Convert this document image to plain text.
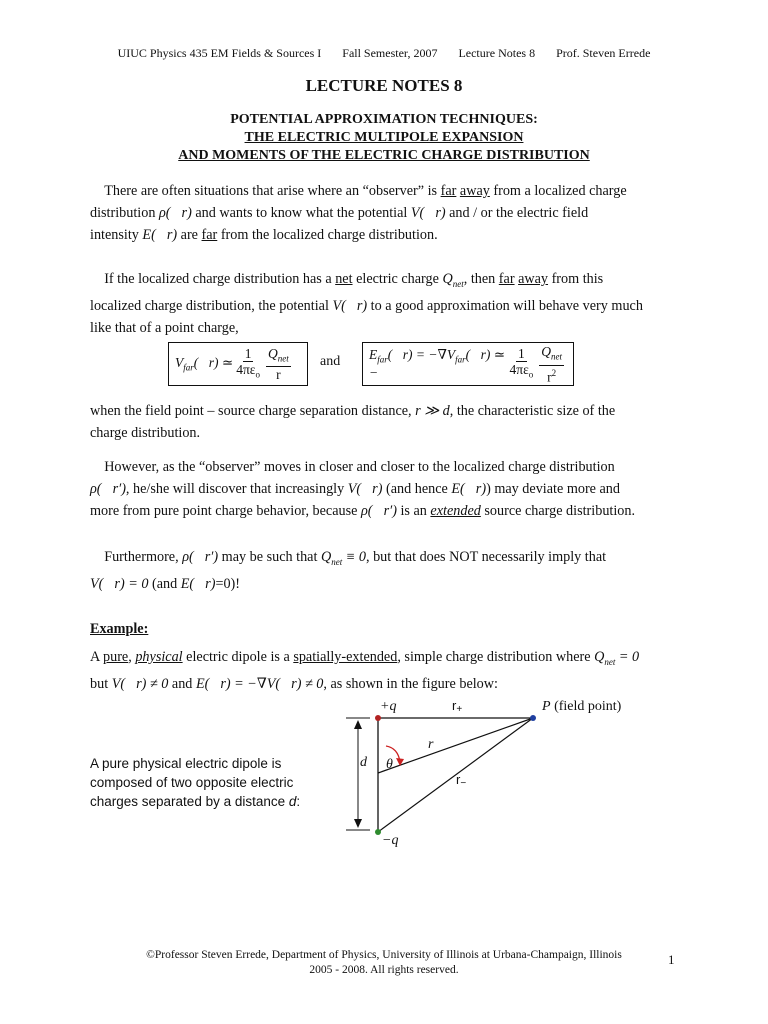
UIUC Physics 435 EM Fields & Sources I Fall Semester, 2007 Lecture Notes 8 Prof. Steven Errede
LECTURE NOTES 8
POTENTIAL APPROXIMATION TECHNIQUES:
THE ELECTRIC MULTIPOLE EXPANSION
AND MOMENTS OF THE ELECTRIC CHARGE DISTRIBUTION
There are often situations that arise where an “observer” is far away from a localized charge
distribution ρ(⃗r) and wants to know what the potential V(⃗r) and / or the electric field
intensity E(⃗r) are far from the localized charge distribution.
If the localized charge distribution has a net electric charge $Q_{net}$, then far away from this
localized charge distribution, the potential V(⃗r) to a good approximation will behave very much
like that of a point charge,
$V_{far}(⃗r)$ ≃ $\frac{1}{4\pi\varepsilon_o} \frac{Q_{net}}{r}$ and $E_{far}(⃗r)$ = $-\nabla V_{far}(⃗r)$ ≃ −	$\frac{1}{4\pi\varepsilon_o} \frac{Q_{net}}{r^2}$
when the field point – source charge separation distance, r ≫ d, the characteristic size of the
charge distribution.
However, as the “observer” moves in closer and closer to the localized charge distribution
ρ(⃗r′), he/she will discover that increasingly V(⃗r) (and hence E(⃗r)) may deviate more and
more from pure point charge behavior, because ρ(⃗r′) is an extended source charge distribution.
Furthermore, ρ(⃗r′) may be such that $Q_{net} \equiv 0$, but that does NOT necessarily imply that
V(⃗r) = 0 (and E(⃗r)=0)!
Example:
A pure, physical electric dipole is a spatially-extended, simple charge distribution where $Q_{net} = 0$
but V(⃗r) ≠ 0 and E(⃗r) = −∇V(⃗r) ≠ 0, as shown in the figure below:
A pure physical electric dipole is
composed of two opposite electric
charges separated by a distance d:
d θ
+q
−q
r+
r
r−
P (field point)
©Professor Steven Errede, Department of Physics, University of Illinois at Urbana-Champaign, Illinois
2005 - 2008. All rights reserved.
1
